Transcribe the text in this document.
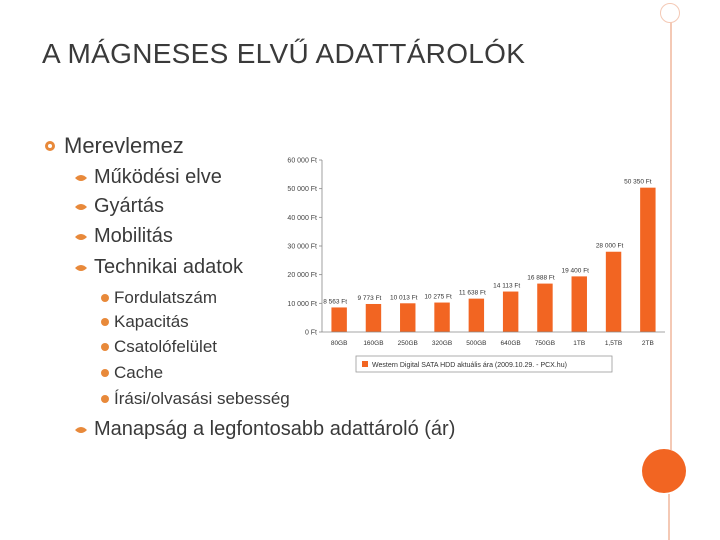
A MÁGNESES ELVŰ ADATTÁROLÓK
Merevlemez
Működési elve
Gyártás
Mobilitás
Technikai adatok
Fordulatszám
Kapacitás
Csatolófelület
Cache
Írási/olvasási sebesség
Manapság a legfontosabb adattároló (ár)
0 Ft
10 000 Ft
20 000 Ft
30 000 Ft
40 000 Ft
50 000 Ft
60 000 Ft
8 563 Ft 9 773 Ft 10 013 Ft 10 275 Ft
11 638 Ft
14 113 Ft
16 888 Ft
19 400 Ft
28 000 Ft
50 350 Ft
80GB 160GB 250GB 320GB 500GB 640GB 750GB	1TB	1,5TB	2TB
Western Digital SATA HDD aktuális ára (2009.10.29. - PCX.hu)
